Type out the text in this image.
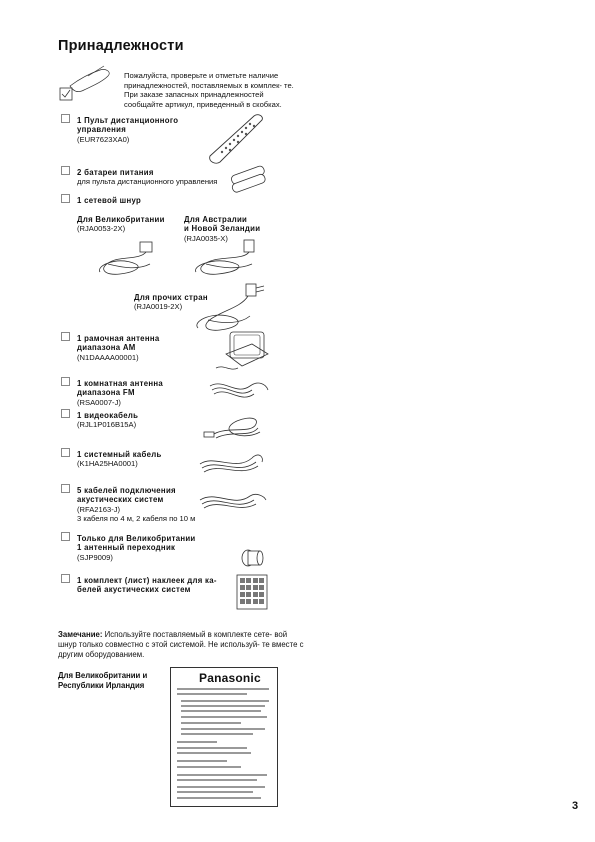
Принадлежности
Пожалуйста, проверьте и отметьте наличие принадлежностей, поставляемых в комплек- те. При заказе запасных принадлежностей сообщайте артикул, приведенный в скобках.
1 Пульт дистанционного
управления
(EUR7623XA0)
2 батареи питания
для пульта дистанционного управления
1 сетевой шнур
Для Великобритании
(RJA0053-2X)
Для Австралии
и Новой Зеландии
(RJA0035-X)
Для прочих стран
(RJA0019-2X)
1 рамочная антенна
диапазона AM
(N1DAAAA00001)
1 комнатная антенна
диапазона FM
(RSA0007-J)
1 видеокабель
(RJL1P016B15A)
1 системный кабель
(K1HA25HA0001)
5 кабелей подключения
акустических систем
(RFA2163-J)
3 кабеля по 4 м, 2 кабеля по 10 м
Только для Великобритании
1 антенный переходник
(SJP9009)
1 комплект (лист) наклеек для ка-
белей акустических систем
Замечание: Используйте поставляемый в комплекте сете- вой шнур только совместно с этой системой. Не используй- те вместе с другим оборудованием.
Для Великобритании и
Республики Ирландия
Panasonic
3
